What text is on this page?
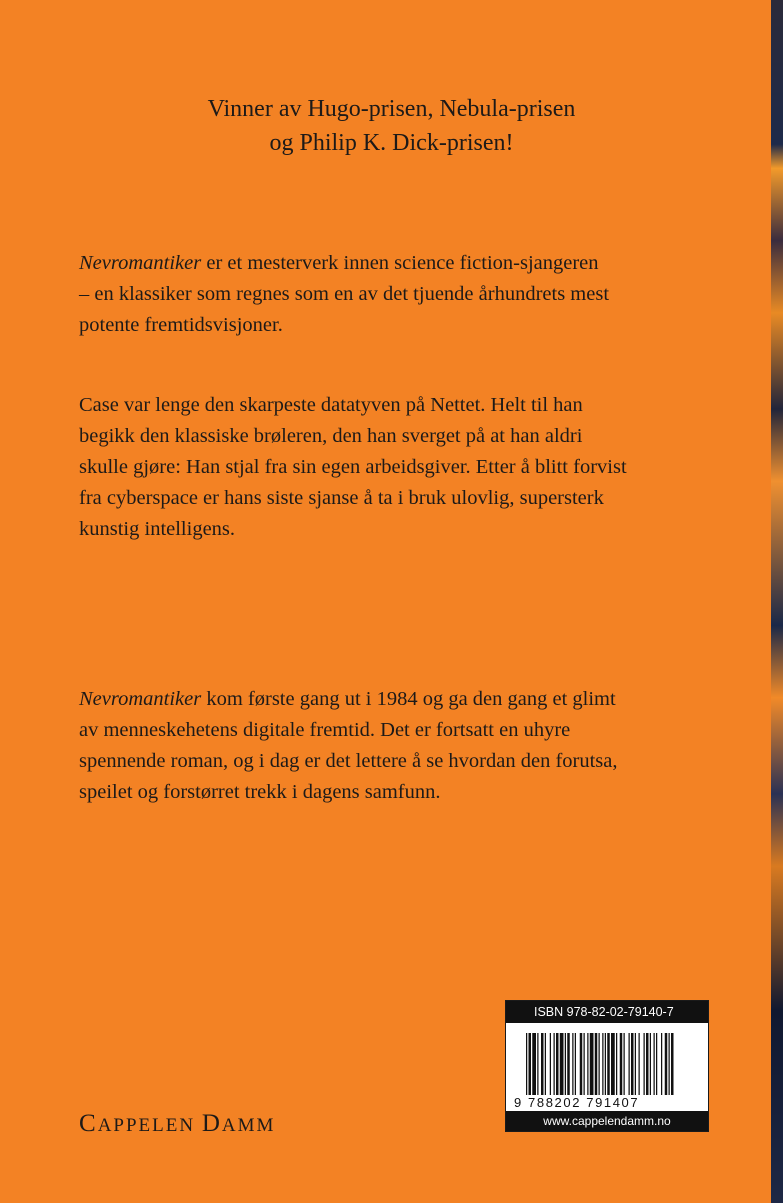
Vinner av Hugo-prisen, Nebula-prisen
og Philip K. Dick-prisen!
Nevromantiker er et mesterverk innen science fiction-sjangeren
– en klassiker som regnes som en av det tjuende århundrets mest
potente fremtidsvisjoner.
Case var lenge den skarpeste datatyven på Nettet. Helt til han
begikk den klassiske brøleren, den han sverget på at han aldri
skulle gjøre: Han stjal fra sin egen arbeidsgiver. Etter å blitt forvist
fra cyberspace er hans siste sjanse å ta i bruk ulovlig, supersterk
kunstig intelligens.
Nevromantiker kom første gang ut i 1984 og ga den gang et glimt
av menneskehetens digitale fremtid. Det er fortsatt en uhyre
spennende roman, og i dag er det lettere å se hvordan den forutsa,
speilet og forstørret trekk i dagens samfunn.
CAPPELEN DAMM
ISBN 978-82-02-79140-7
9 788202 791407
www.cappelendamm.no
